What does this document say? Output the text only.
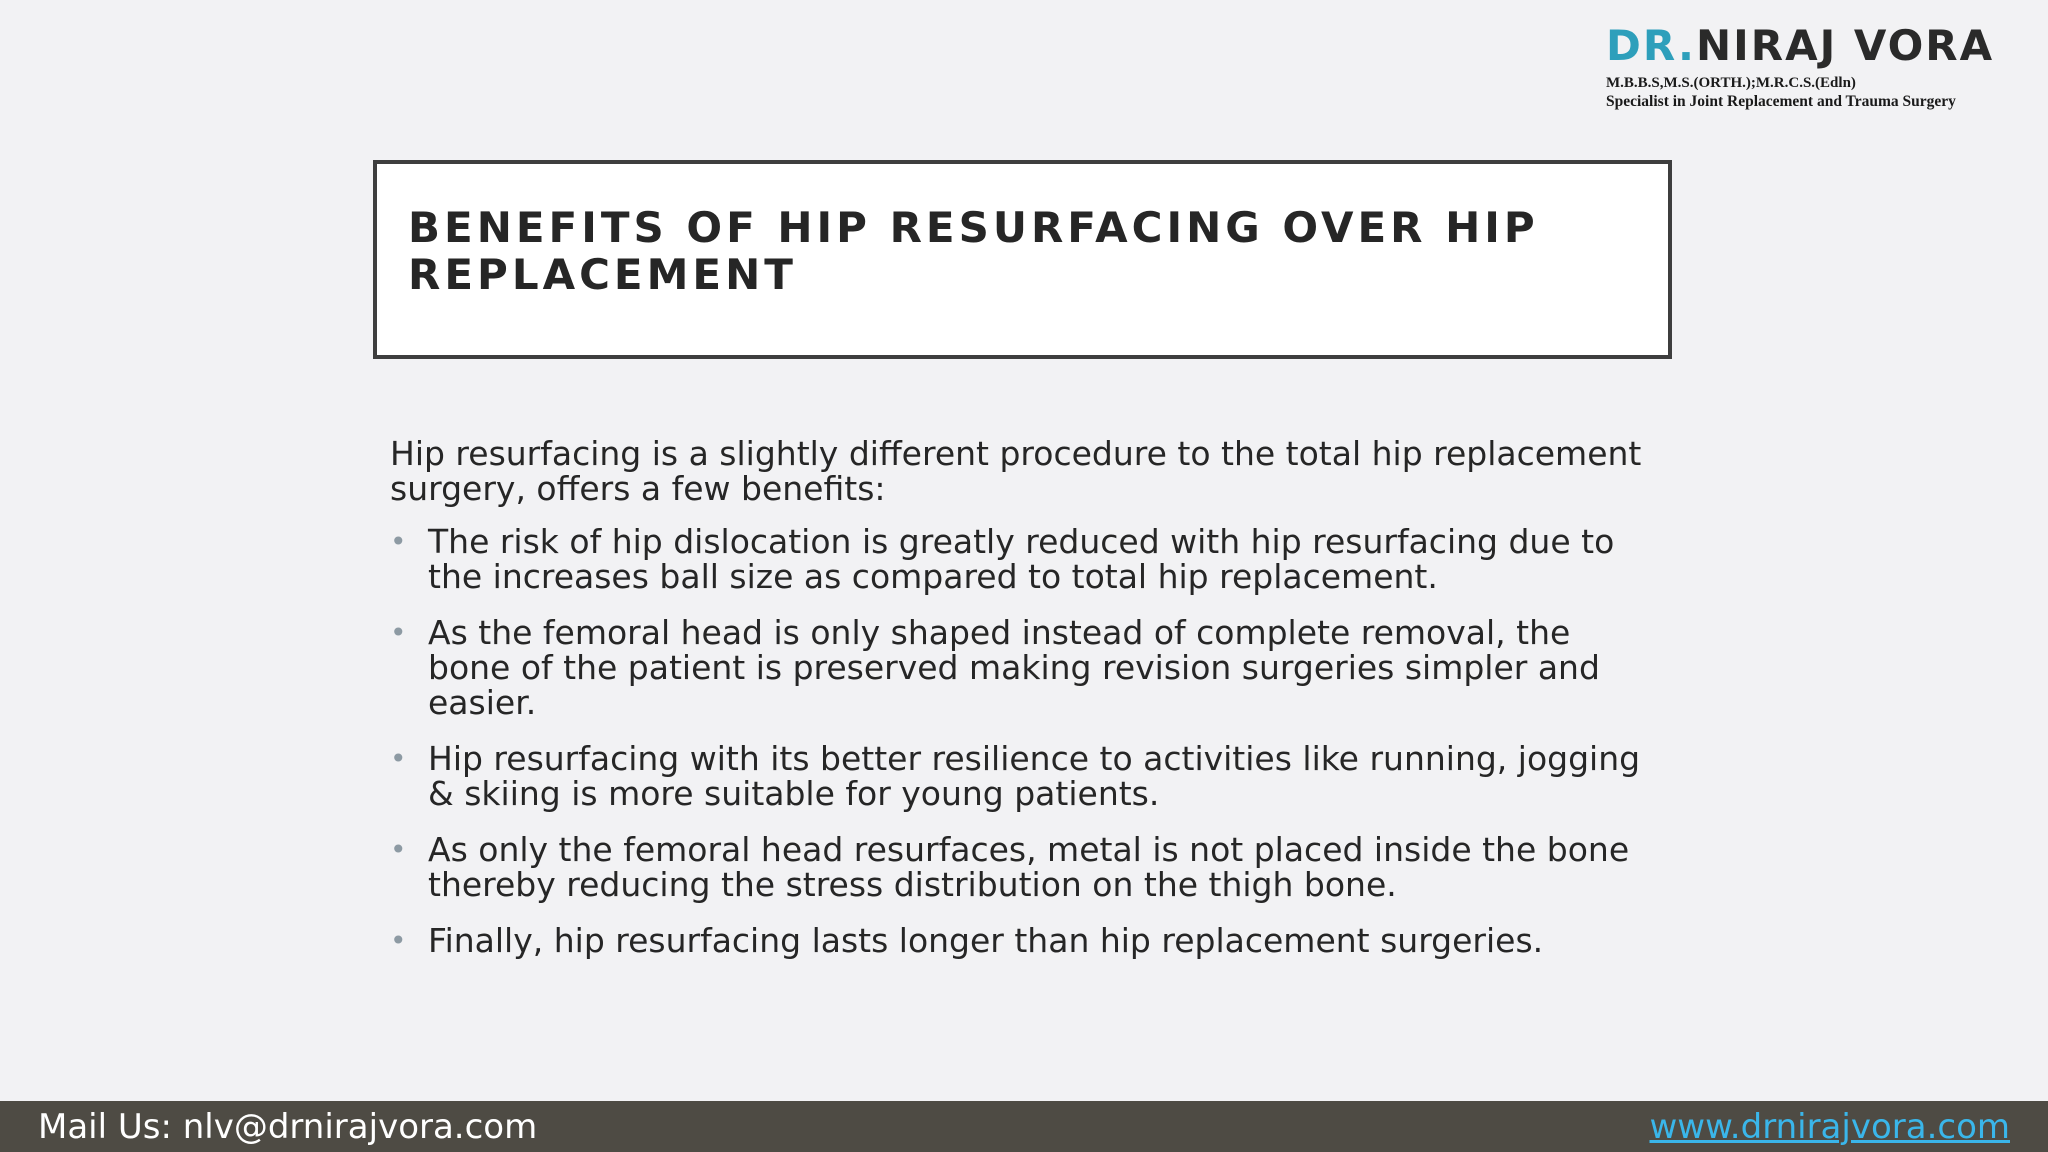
DR.NIRAJ VORA
M.B.B.S,M.S.(ORTH.);M.R.C.S.(Edln)
Specialist in Joint Replacement and Trauma Surgery
BENEFITS OF HIP RESURFACING OVER HIP REPLACEMENT

Hip resurfacing is a slightly different procedure to the total hip replacement surgery, offers a few benefits:

• The risk of hip dislocation is greatly reduced with hip resurfacing due to the increases ball size as compared to total hip replacement.
• As the femoral head is only shaped instead of complete removal, the bone of the patient is preserved making revision surgeries simpler and easier.
• Hip resurfacing with its better resilience to activities like running, jogging & skiing is more suitable for young patients.
• As only the femoral head resurfaces, metal is not placed inside the bone thereby reducing the stress distribution on the thigh bone.
• Finally, hip resurfacing lasts longer than hip replacement surgeries.
Mail Us: nlv@drnirajvora.com	www.drnirajvora.com
